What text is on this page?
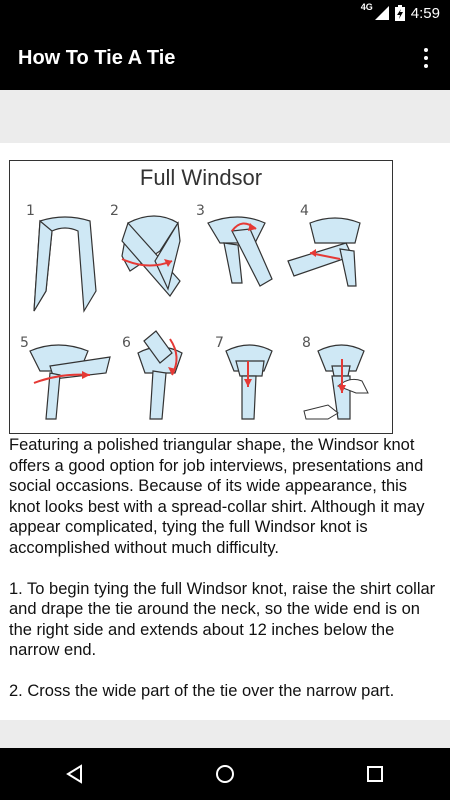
4G	4:59
How To Tie A Tie
Full Windsor
1	2	3	4
5	6	7	8

Featuring a polished triangular shape, the Windsor knot offers a good option for job interviews, presentations and social occasions. Because of its wide appearance, this knot looks best with a spread-collar shirt. Although it may appear complicated, tying the full Windsor knot is accomplished without much difficulty.

1. To begin tying the full Windsor knot, raise the shirt collar and drape the tie around the neck, so the wide end is on the right side and extends about 12 inches below the narrow end.

2. Cross the wide part of the tie over the narrow part.
